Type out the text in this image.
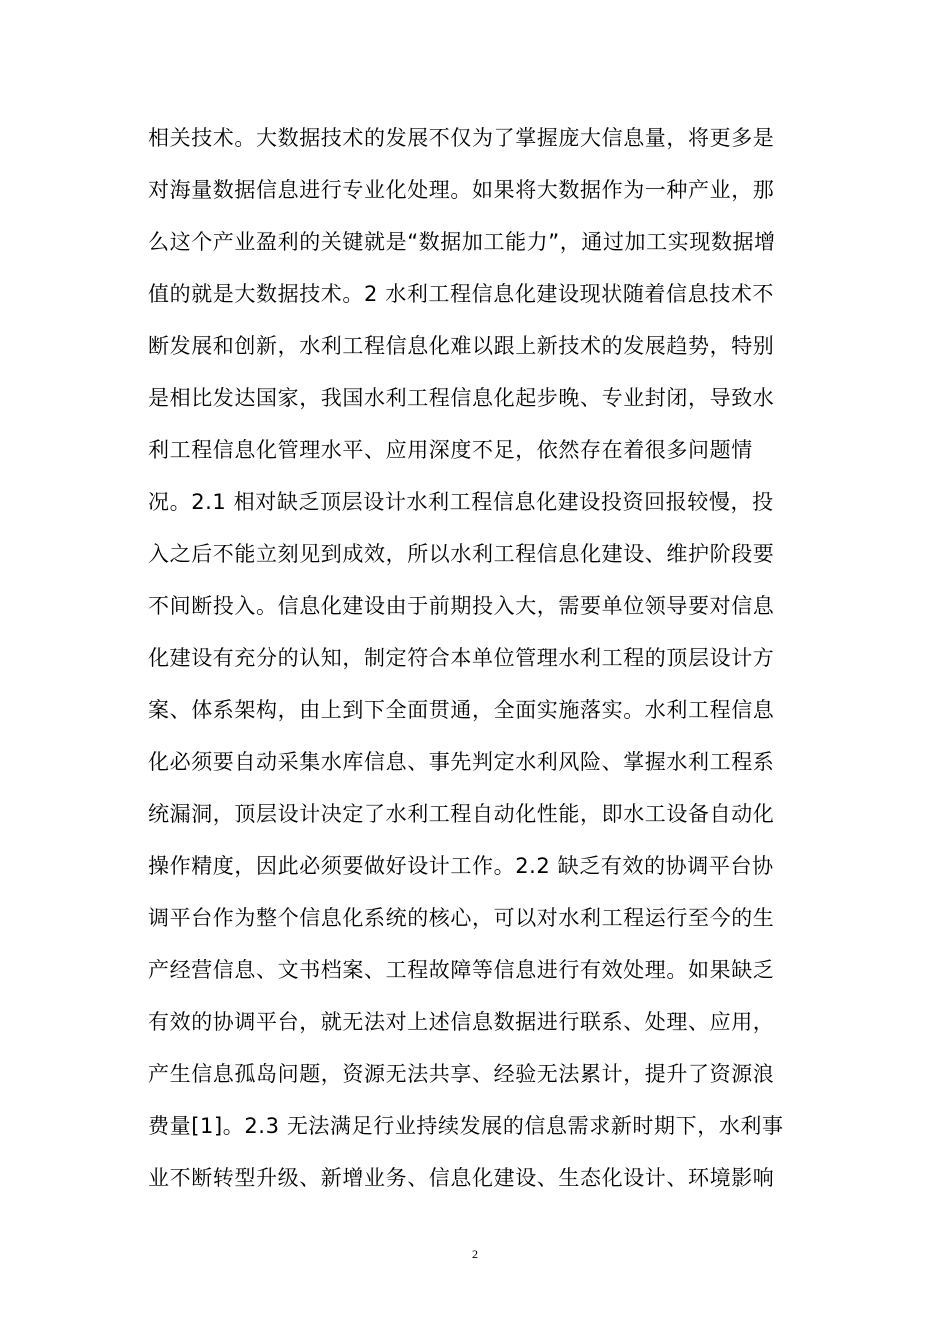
相关技术。大数据技术的发展不仅为了掌握庞大信息量，将更多是
对海量数据信息进行专业化处理。如果将大数据作为一种产业，那
么这个产业盈利的关键就是“数据加工能力”，通过加工实现数据增
值的就是大数据技术。2 水利工程信息化建设现状随着信息技术不
断发展和创新，水利工程信息化难以跟上新技术的发展趋势，特别
是相比发达国家，我国水利工程信息化起步晚、专业封闭，导致水
利工程信息化管理水平、应用深度不足，依然存在着很多问题情
况。2.1 相对缺乏顶层设计水利工程信息化建设投资回报较慢，投
入之后不能立刻见到成效，所以水利工程信息化建设、维护阶段要
不间断投入。信息化建设由于前期投入大，需要单位领导要对信息
化建设有充分的认知，制定符合本单位管理水利工程的顶层设计方
案、体系架构，由上到下全面贯通，全面实施落实。水利工程信息
化必须要自动采集水库信息、事先判定水利风险、掌握水利工程系
统漏洞，顶层设计决定了水利工程自动化性能，即水工设备自动化
操作精度，因此必须要做好设计工作。2.2 缺乏有效的协调平台协
调平台作为整个信息化系统的核心，可以对水利工程运行至今的生
产经营信息、文书档案、工程故障等信息进行有效处理。如果缺乏
有效的协调平台，就无法对上述信息数据进行联系、处理、应用，
产生信息孤岛问题，资源无法共享、经验无法累计，提升了资源浪
费量[1]。2.3 无法满足行业持续发展的信息需求新时期下，水利事
业不断转型升级、新增业务、信息化建设、生态化设计、环境影响
2
